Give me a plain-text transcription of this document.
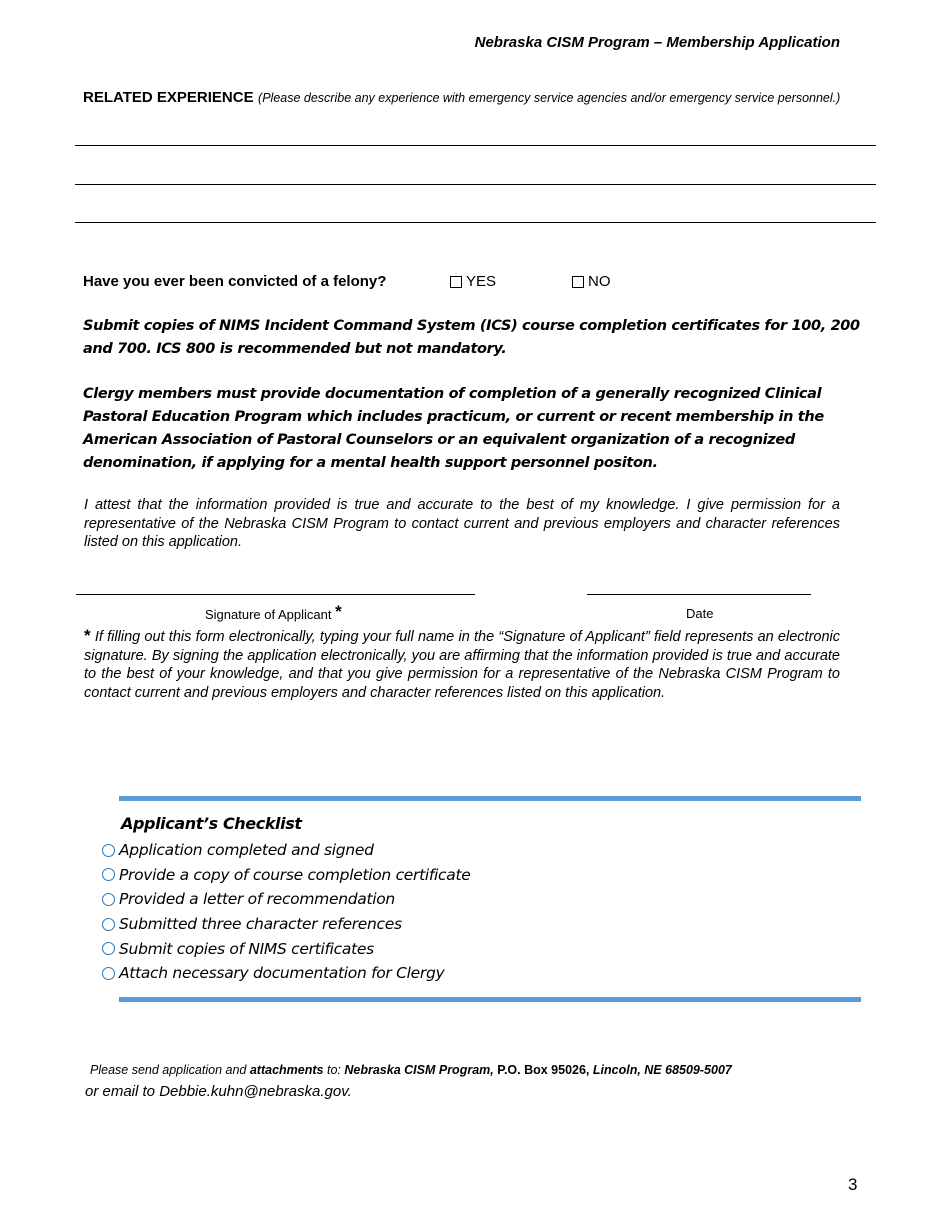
Nebraska CISM Program – Membership Application
RELATED EXPERIENCE (Please describe any experience with emergency service agencies and/or emergency service personnel.)
Have you ever been convicted of a felony?	YES	NO
Submit copies of NIMS Incident Command System (ICS) course completion certificates for 100, 200 and 700. ICS 800 is recommended but not mandatory.
Clergy members must provide documentation of completion of a generally recognized Clinical Pastoral Education Program which includes practicum, or current or recent membership in the American Association of Pastoral Counselors or an equivalent organization of a recognized denomination, if applying for a mental health support personnel positon.
I attest that the information provided is true and accurate to the best of my knowledge. I give permission for a representative of the Nebraska CISM Program to contact current and previous employers and character references listed on this application.
Signature of Applicant *	Date
* If filling out this form electronically, typing your full name in the “Signature of Applicant” field represents an electronic signature. By signing the application electronically, you are affirming that the information provided is true and accurate to the best of your knowledge, and that you give permission for a representative of the Nebraska CISM Program to contact current and previous employers and character references listed on this application.
Applicant’s Checklist
Application completed and signed
Provide a copy of course completion certificate
Provided a letter of recommendation
Submitted three character references
Submit copies of NIMS certificates
Attach necessary documentation for Clergy
Please send application and attachments to: Nebraska CISM Program, P.O. Box 95026, Lincoln, NE 68509-5007
or email to Debbie.kuhn@nebraska.gov.
3
